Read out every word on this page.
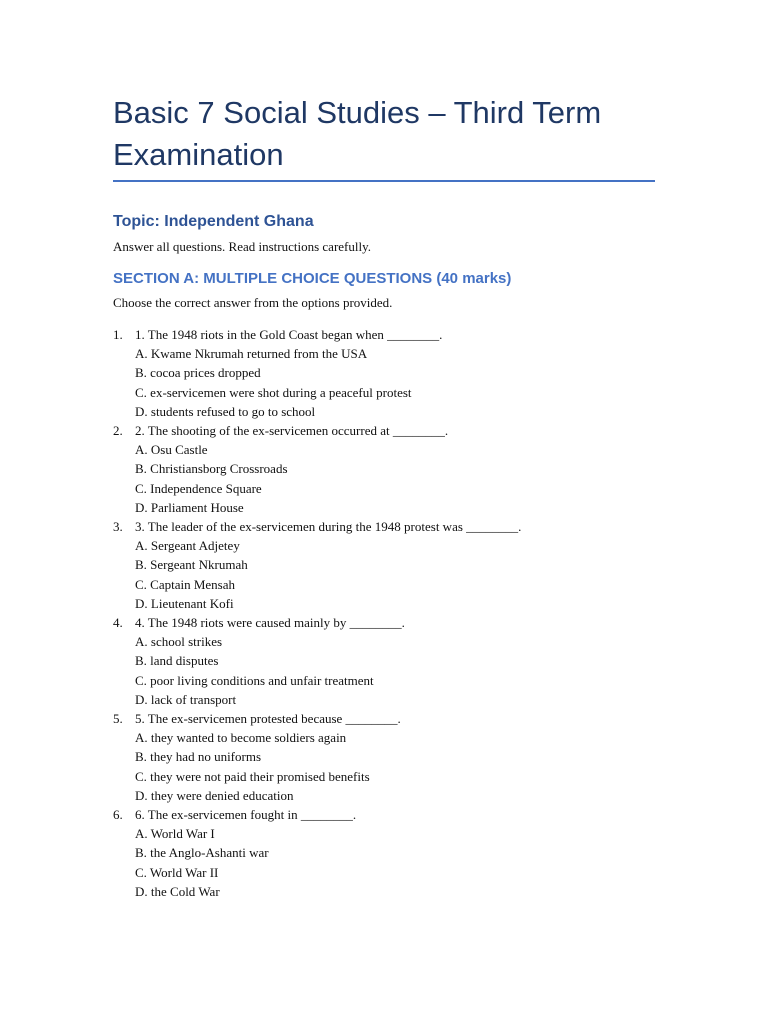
Basic 7 Social Studies – Third Term Examination
Topic: Independent Ghana

Answer all questions. Read instructions carefully.

SECTION A: MULTIPLE CHOICE QUESTIONS (40 marks)

Choose the correct answer from the options provided.

1. 1. The 1948 riots in the Gold Coast began when ________.
A. Kwame Nkrumah returned from the USA
B. cocoa prices dropped
C. ex-servicemen were shot during a peaceful protest
D. students refused to go to school
2. 2. The shooting of the ex-servicemen occurred at ________.
A. Osu Castle
B. Christiansborg Crossroads
C. Independence Square
D. Parliament House
3. 3. The leader of the ex-servicemen during the 1948 protest was ________.
A. Sergeant Adjetey
B. Sergeant Nkrumah
C. Captain Mensah
D. Lieutenant Kofi
4. 4. The 1948 riots were caused mainly by ________.
A. school strikes
B. land disputes
C. poor living conditions and unfair treatment
D. lack of transport
5. 5. The ex-servicemen protested because ________.
A. they wanted to become soldiers again
B. they had no uniforms
C. they were not paid their promised benefits
D. they were denied education
6. 6. The ex-servicemen fought in ________.
A. World War I
B. the Anglo-Ashanti war
C. World War II
D. the Cold War
